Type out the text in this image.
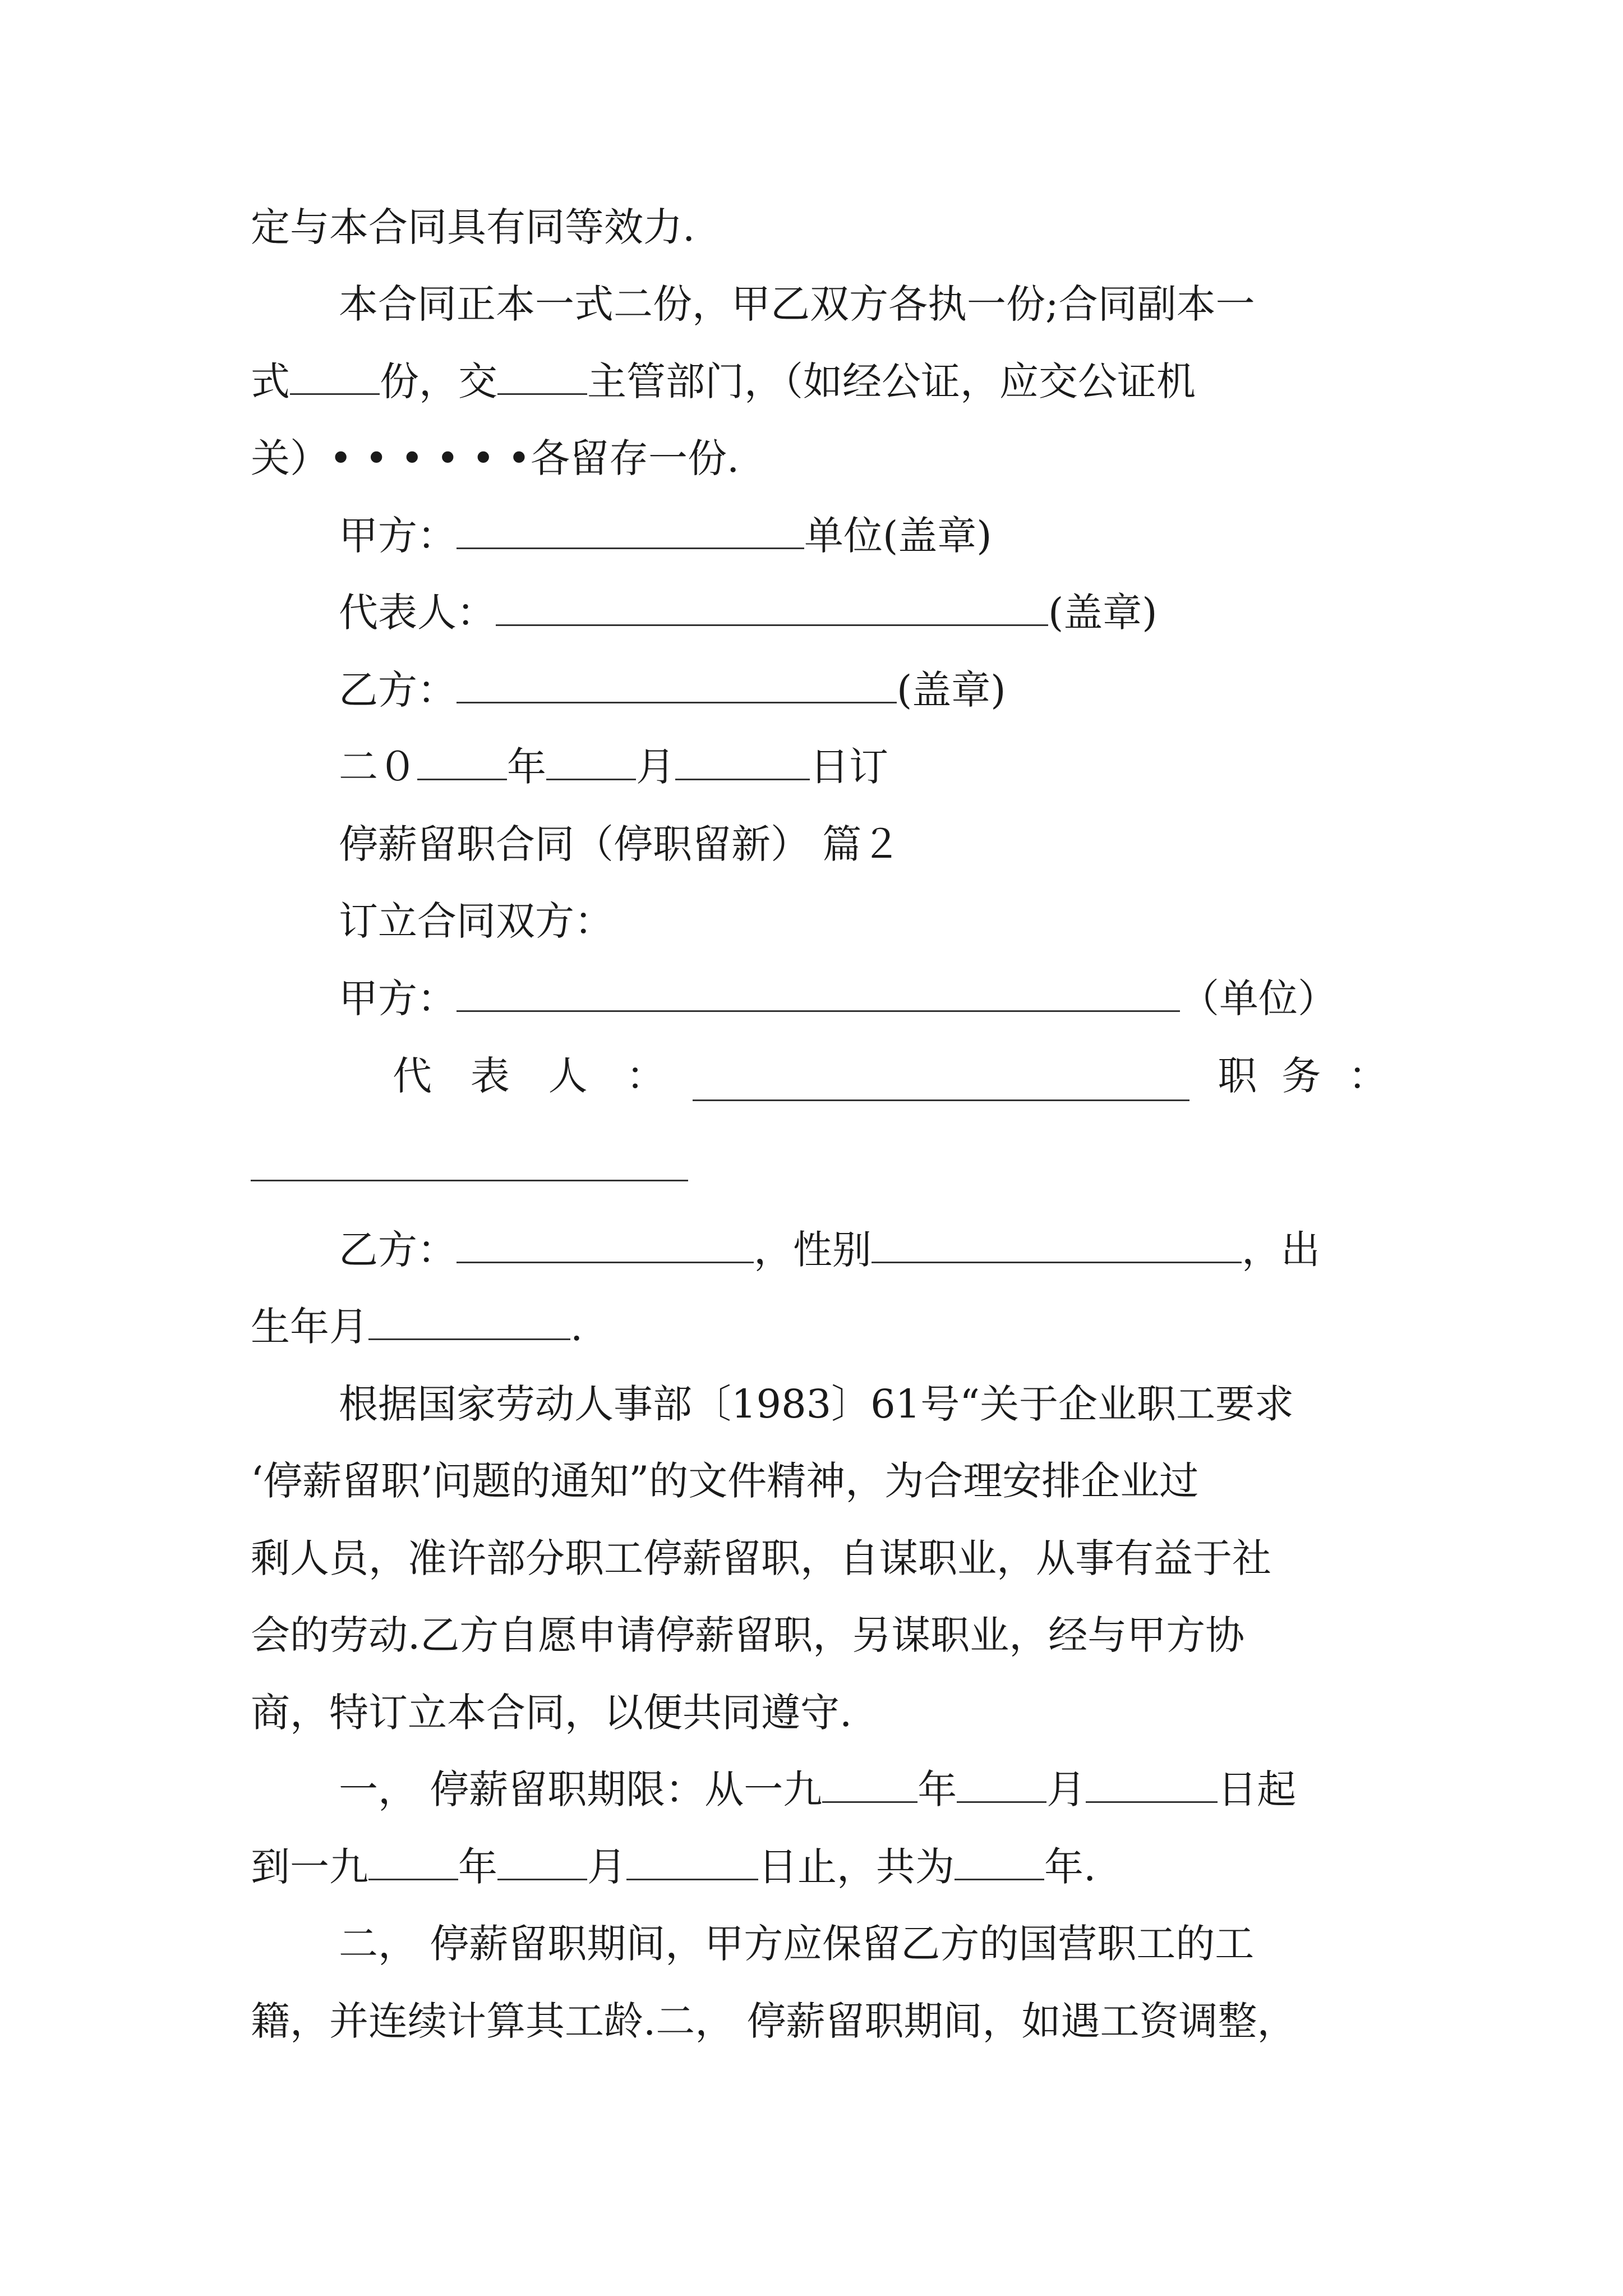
定与本合同具有同等效力.
本合同正本一式二份，甲乙双方各执一份;合同副本一
式 份，交 主管部门，（如经公证，应交公证机
关）• • • • • •各留存一份.
甲方：	单位(盖章)
代表人：	(盖章)
乙方：	(盖章)
二０ 年 月	日订
停薪留职合同（停职留新） 篇２
订立合同双方：
甲方：	（单位）
代 表 人 ：	职 务 ：
乙方：	，性别	，出
生年月	.
根据国家劳动人事部〔1983〕61号“关于企业职工要求
‘停薪留职’问题的通知”的文件精神，为合理安排企业过
剩人员，准许部分职工停薪留职，自谋职业，从事有益于社
会的劳动.乙方自愿申请停薪留职，另谋职业，经与甲方协
商，特订立本合同，以便共同遵守.
一， 停薪留职期限：从一九 年 月	日起
到一九 年 月	日止，共为 年.
二， 停薪留职期间，甲方应保留乙方的国营职工的工
籍，并连续计算其工龄.二， 停薪留职期间，如遇工资调整，
